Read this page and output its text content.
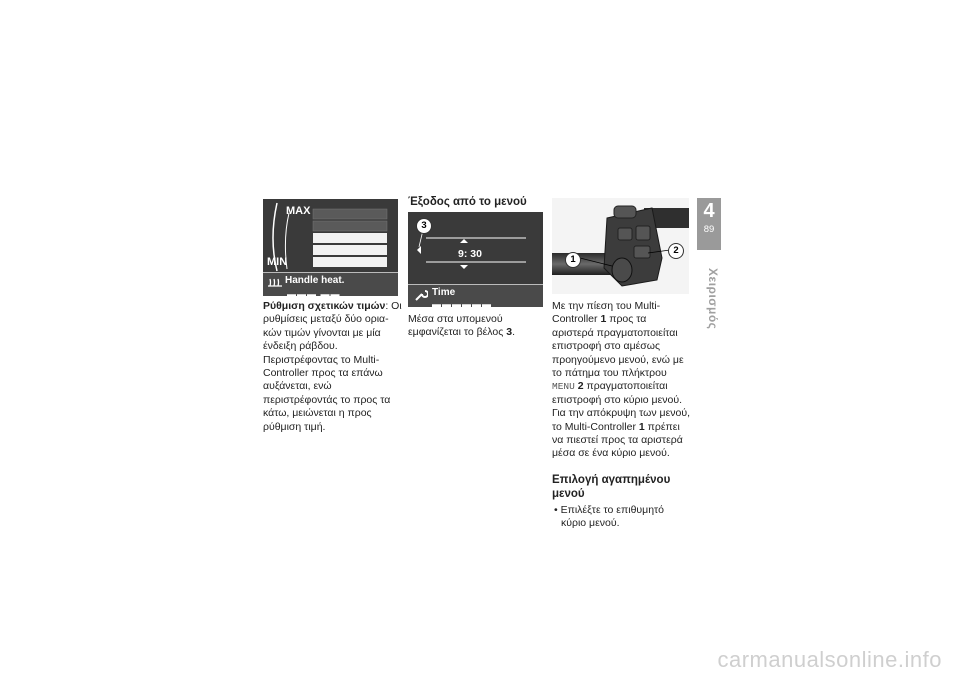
MAX
MIN
Handle heat.
▬▬▬ ▬▬
3
9: 30
Time
▬▬▬▬▬▬
1
2

Ρύθμιση σχετικών τιμών: Οι ρυθμίσεις μεταξύ δύο ορια-κών τιμών γίνονται με μία ένδειξη ράβδου. Περιστρέφοντας το Multi-Controller προς τα επάνω αυξάνεται, ενώ περιστρέφοντάς το προς τα κάτω, μειώνεται η προς ρύθμιση τιμή.

Έξοδος από το μενού

Μέσα στα υπομενού εμφανίζεται το βέλος 3.

Με την πίεση του Multi-Controller 1 προς τα αριστερά πραγματοποιείται επιστροφή στο αμέσως προηγούμενο μενού, ενώ με το πάτημα του πλήκτρου MENU 2 πραγματοποιείται επιστροφή στο κύριο μενού.

Για την απόκρυψη των μενού, το Multi-Controller 1 πρέπει να πιεστεί προς τα αριστερά μέσα σε ένα κύριο μενού.

Επιλογή αγαπημένου μενού

• Επιλέξτε το επιθυμητό κύριο μενού.

4
89
Χειρισμός
carmanualsonline.info
